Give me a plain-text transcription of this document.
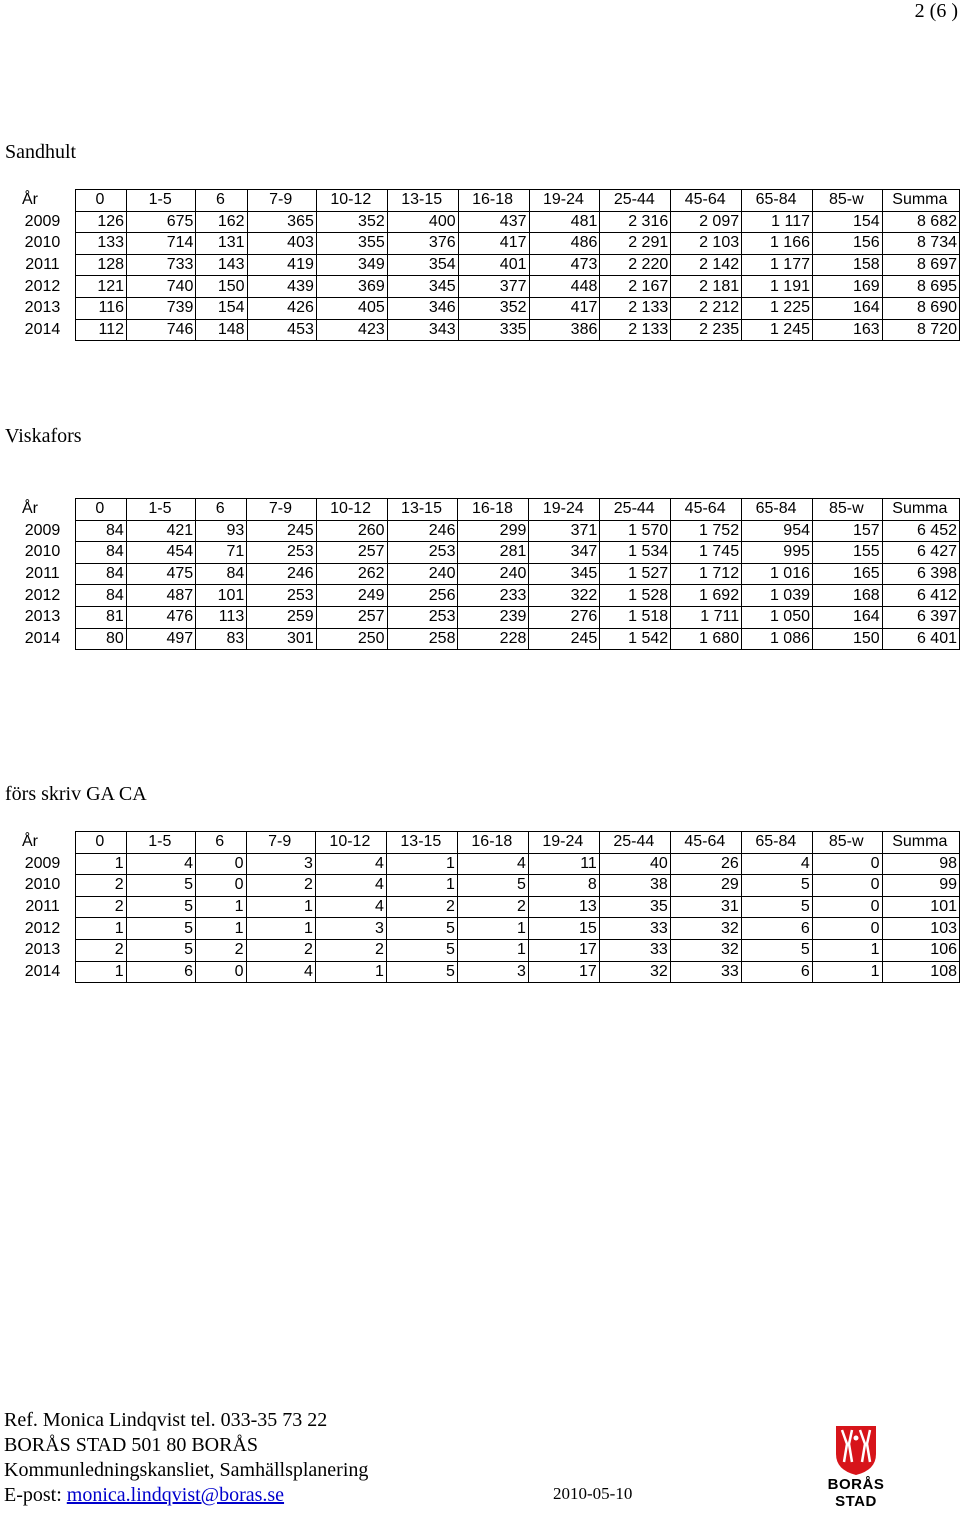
2 (6 )
Sandhult
År	0	1-5	6	7-9	10-12	13-15	16-18	19-24	25-44	45-64	65-84	85-w	Summa
2009	126	675	162	365	352	400	437	481	2 316	2 097	1 117	154	8 682
2010	133	714	131	403	355	376	417	486	2 291	2 103	1 166	156	8 734
2011	128	733	143	419	349	354	401	473	2 220	2 142	1 177	158	8 697
2012	121	740	150	439	369	345	377	448	2 167	2 181	1 191	169	8 695
2013	116	739	154	426	405	346	352	417	2 133	2 212	1 225	164	8 690
2014	112	746	148	453	423	343	335	386	2 133	2 235	1 245	163	8 720
Viskafors
År	0	1-5	6	7-9	10-12	13-15	16-18	19-24	25-44	45-64	65-84	85-w	Summa
2009	84	421	93	245	260	246	299	371	1 570	1 752	954	157	6 452
2010	84	454	71	253	257	253	281	347	1 534	1 745	995	155	6 427
2011	84	475	84	246	262	240	240	345	1 527	1 712	1 016	165	6 398
2012	84	487	101	253	249	256	233	322	1 528	1 692	1 039	168	6 412
2013	81	476	113	259	257	253	239	276	1 518	1 711	1 050	164	6 397
2014	80	497	83	301	250	258	228	245	1 542	1 680	1 086	150	6 401
förs skriv GA CA
År	0	1-5	6	7-9	10-12	13-15	16-18	19-24	25-44	45-64	65-84	85-w	Summa
2009	1	4	0	3	4	1	4	11	40	26	4	0	98
2010	2	5	0	2	4	1	5	8	38	29	5	0	99
2011	2	5	1	1	4	2	2	13	35	31	5	0	101
2012	1	5	1	1	3	5	1	15	33	32	6	0	103
2013	2	5	2	2	2	5	1	17	33	32	5	1	106
2014	1	6	0	4	1	5	3	17	32	33	6	1	108
Ref. Monica Lindqvist tel. 033-35 73 22
BORÅS STAD 501 80 BORÅS
Kommunledningskansliet, Samhällsplanering
E-post: monica.lindqvist@boras.se	2010-05-10	BORÅS
STAD
